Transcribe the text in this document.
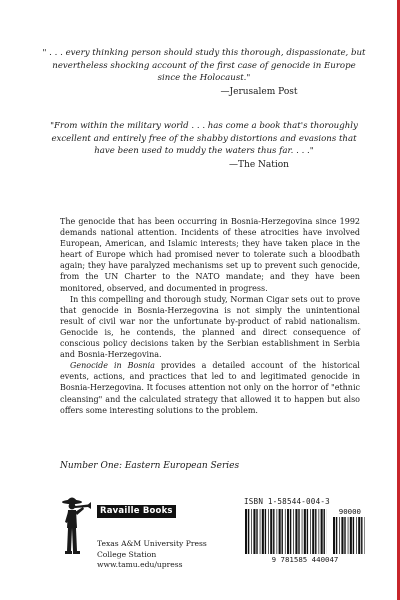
" . . . every thinking person should study this thorough, dispassionate, but nevertheless shocking account of the first case of genocide in Europe since the Holocaust."

—Jerusalem Post

"From within the military world . . . has come a book that's thoroughly excellent and entirely free of the shabby distortions and evasions that have been used to muddy the waters thus far. . . ."

—The Nation

The genocide that has been occurring in Bosnia-Herzegovina since 1992 demands national attention. Incidents of these atrocities have involved European, American, and Islamic interests; they have taken place in the heart of Europe which had promised never to tolerate such a bloodbath again; they have paralyzed mechanisms set up to prevent such genocide, from the UN Charter to the NATO mandate; and they have been monitored, observed, and documented in progress.

In this compelling and thorough study, Norman Cigar sets out to prove that genocide in Bosnia-Herzegovina is not simply the unintentional result of civil war nor the unfortunate by-product of rabid nationalism. Genocide is, he contends, the planned and direct consequence of conscious policy decisions taken by the Serbian establishment in Serbia and Bosnia-Herzegovina.

Genocide in Bosnia provides a detailed account of the historical events, actions, and practices that led to and legitimated genocide in Bosnia-Herzegovina. It focuses attention not only on the horror of "ethnic cleansing" and the calculated strategy that allowed it to happen but also offers some interesting solutions to the problem.

Number One: Eastern European Series

Ravaille Books

Texas A&M University Press

College Station

www.tamu.edu/upress

ISBN 1-58544-004-3

90000

9 781585 440047
